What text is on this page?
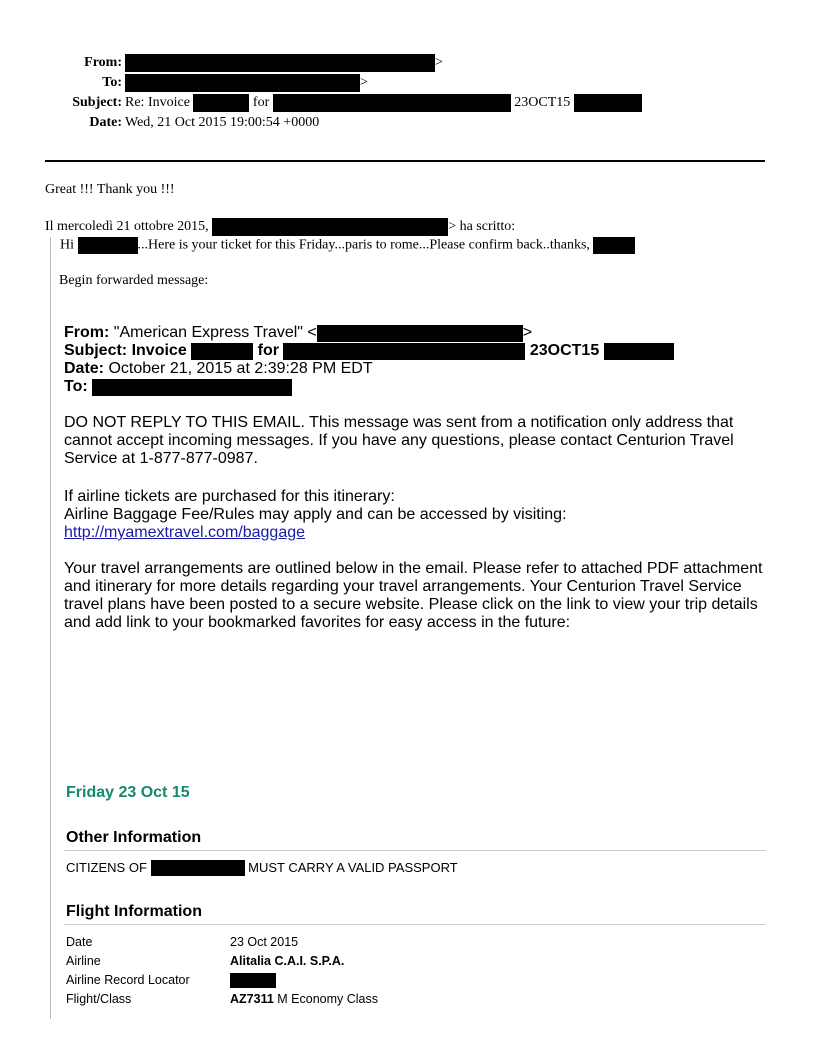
From:	>
To:	>
Subject: Re: Invoice	for	23OCT15
Date: Wed, 21 Oct 2015 19:00:54 +0000
Great !!! Thank you !!!
Il mercoledì 21 ottobre 2015,	> ha scritto:
Hi	...Here is your ticket for this Friday...paris to rome...Please confirm back..thanks,
Begin forwarded message:
From: "American Express Travel" <	>
Subject: Invoice	for	23OCT15
Date: October 21, 2015 at 2:39:28 PM EDT
To:
DO NOT REPLY TO THIS EMAIL. This message was sent from a notification only address that cannot accept incoming messages. If you have any questions, please contact Centurion Travel Service at 1-877-877-0987.
If airline tickets are purchased for this itinerary:
Airline Baggage Fee/Rules may apply and can be accessed by visiting:
http://myamextravel.com/baggage
Your travel arrangements are outlined below in the email. Please refer to attached PDF attachment and itinerary for more details regarding your travel arrangements. Your Centurion Travel Service travel plans have been posted to a secure website. Please click on the link to view your trip details and add link to your bookmarked favorites for easy access in the future:
Friday 23 Oct 15
Other Information
CITIZENS OF	MUST CARRY A VALID PASSPORT
Flight Information
Date	23 Oct 2015
Airline	Alitalia C.A.I. S.P.A.
Airline Record Locator
Flight/Class	AZ7311 M Economy Class
